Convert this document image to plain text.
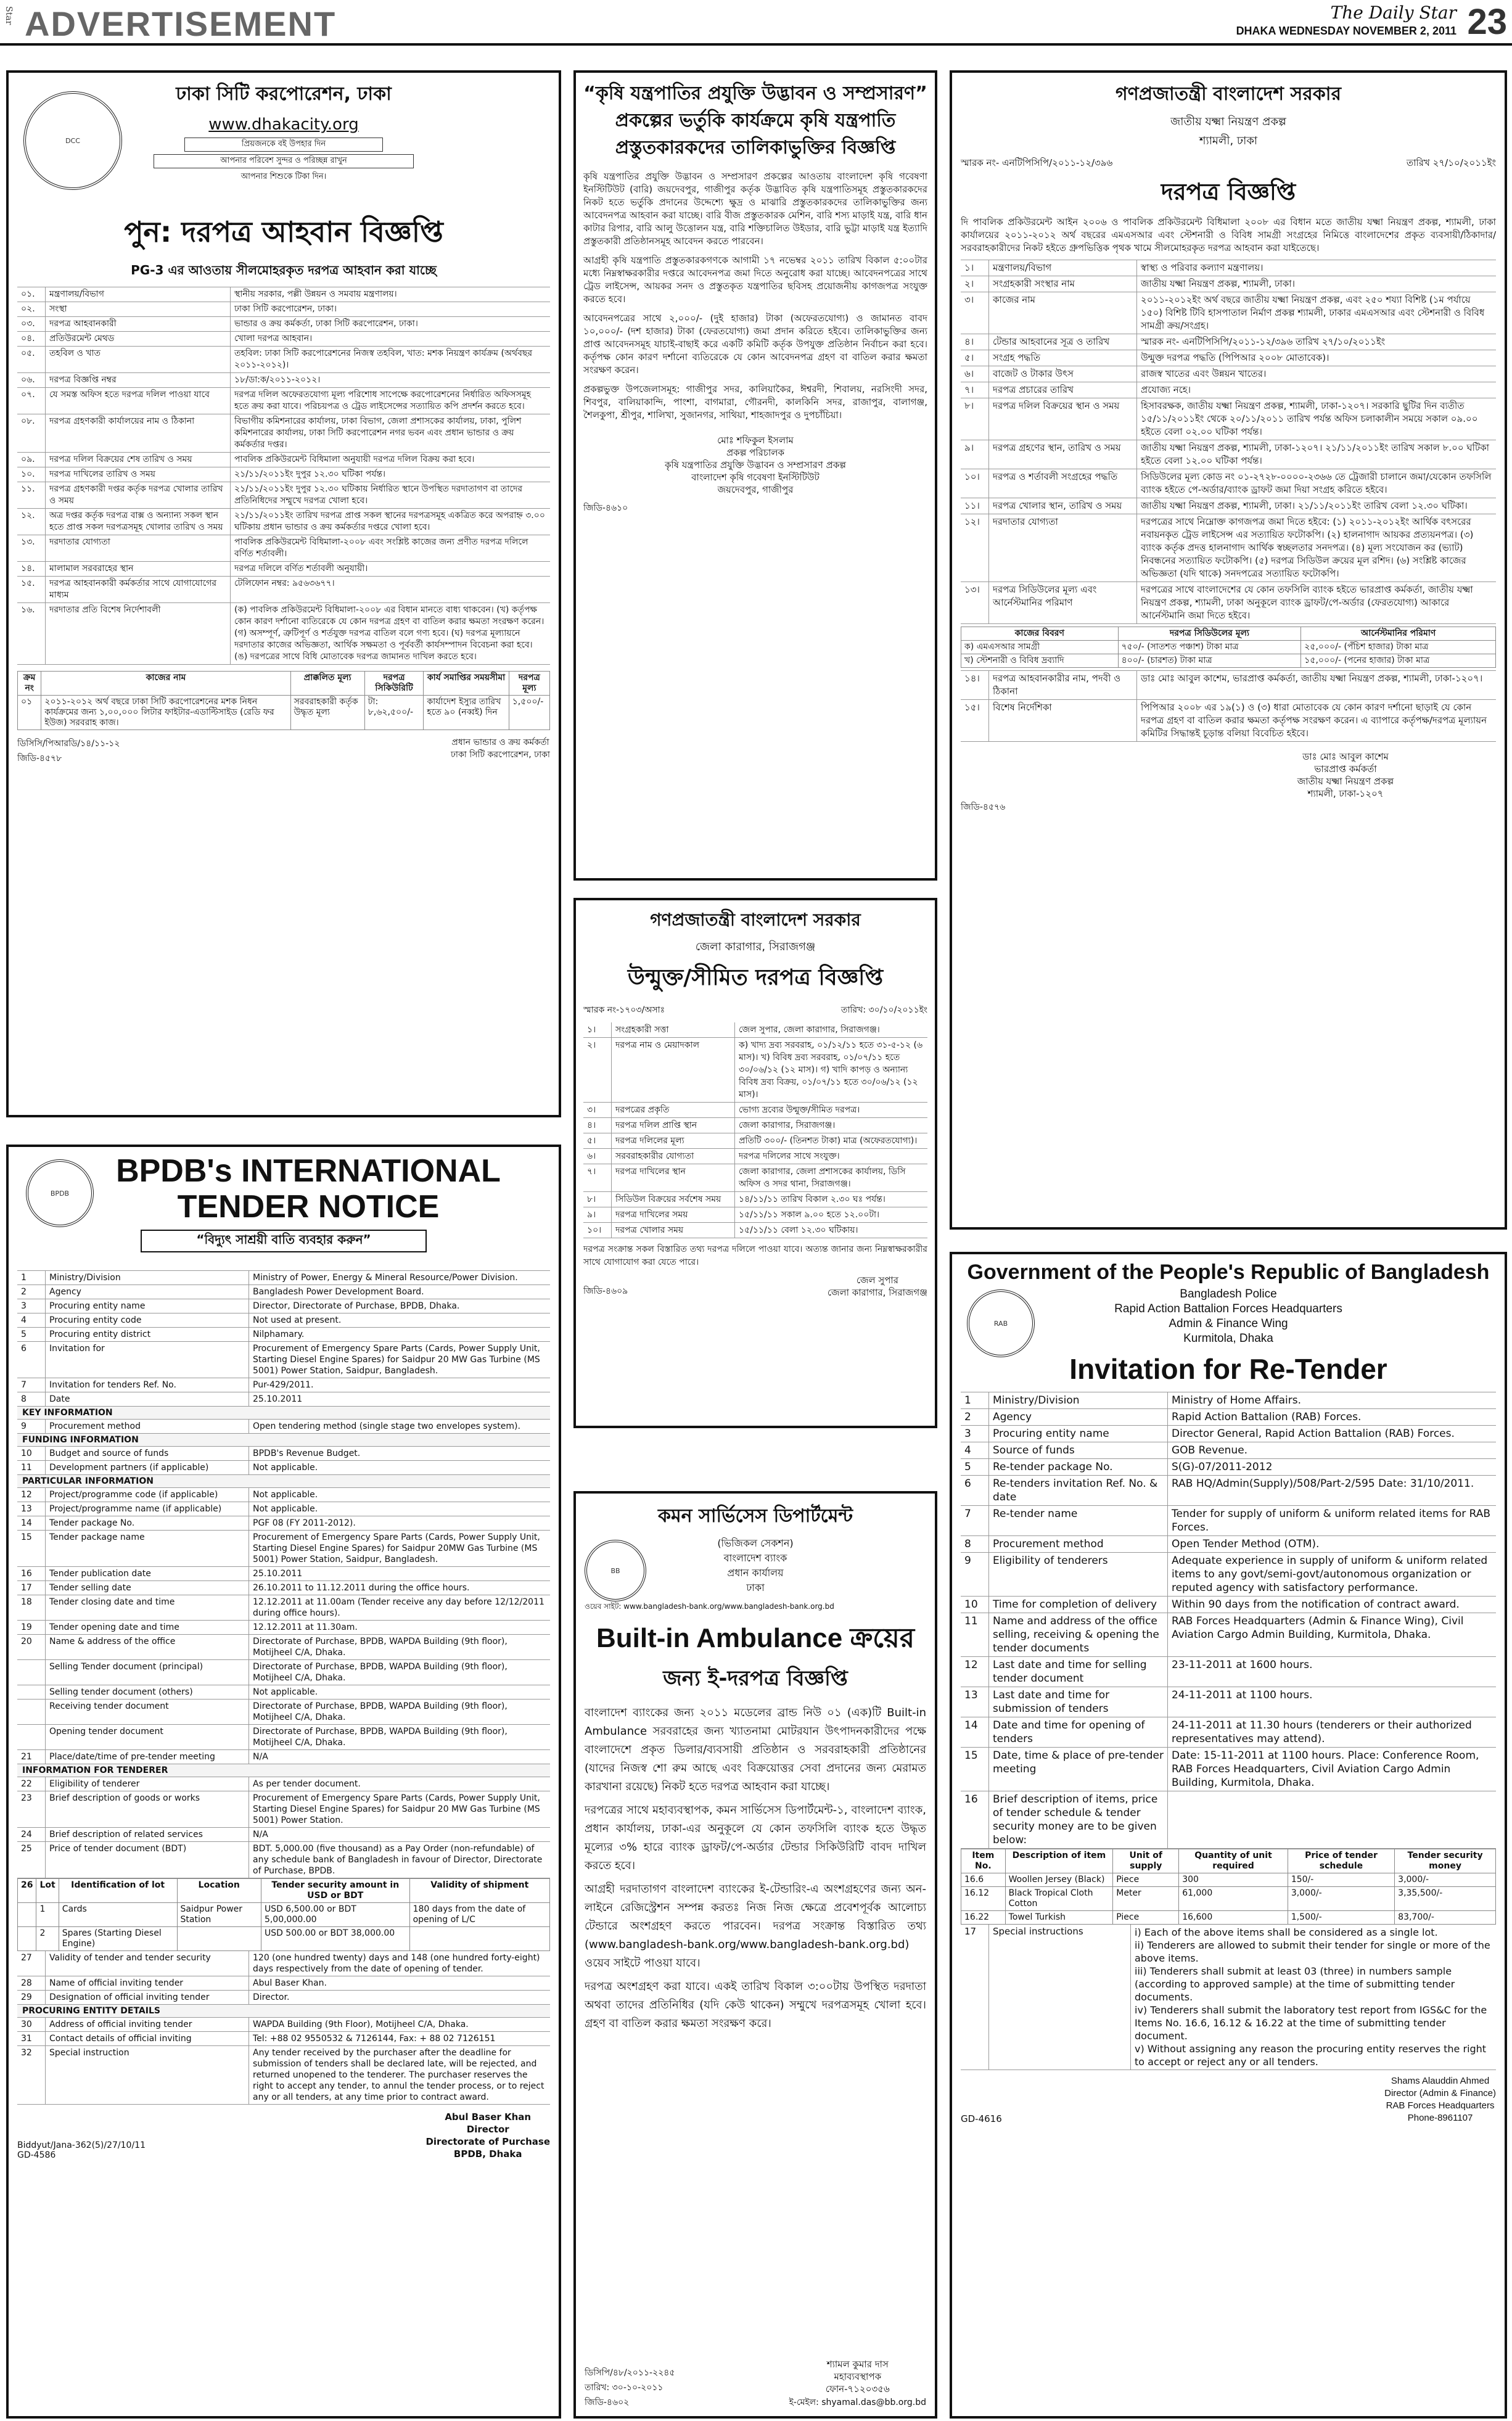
Star ADVERTISEMENT	The Daily Star
DHAKA WEDNESDAY NOVEMBER 2, 2011 23
DCC
ঢাকা সিটি করপোরেশন, ঢাকা
www.dhakacity.org
প্রিয়জনকে বই উপহার দিন
আপনার পরিবেশ সুন্দর ও পরিচ্ছন্ন রাখুন
আপনার শিশুকে টিকা দিন।
পুন: দরপত্র আহবান বিজ্ঞপ্তি
PG-3 এর আওতায় সীলমোহরকৃত দরপত্র আহবান করা যাচ্ছে
০১.	মন্ত্রণালয়/বিভাগ	স্থানীয় সরকার, পল্লী উন্নয়ন ও সমবায় মন্ত্রণালয়।
০২.	সংস্থা	ঢাকা সিটি করপোরেশন, ঢাকা।
০৩.	দরপত্র আহবানকারী	ভান্ডার ও ক্রয় কর্মকর্তা, ঢাকা সিটি করপোরেশন, ঢাকা।
০৪.	প্রতিউরমেন্ট মেথড	খোলা দরপত্র আহবান।
০৫.	তহবিল ও খাত	তহবিল: ঢাকা সিটি করপোরেশনের নিজস্ব তহবিল, খাত: মশক নিয়ন্ত্রণ কার্যক্রম (অর্থবছর ২০১১-২০১২)।
০৬.	দরপত্র বিজ্ঞপ্তি নম্বর	১৮/ডা:ক/২০১১-২০১২।
০৭.	যে সমস্ত অফিস হতে দরপত্র দলিল পাওয়া যাবে	দরপত্র দলিল অফেরতযোগ্য মূল্য পরিশোধ সাপেক্ষে করপোরেশনের নির্ধারিত অফিসসমূহ হতে ক্রয় করা যাবে। পরিচয়পত্র ও ট্রেড লাইসেন্সের সত্যায়িত কপি প্রদর্শন করতে হবে।
০৮.	দরপত্র গ্রহণকারী কার্যালয়ের নাম ও ঠিকানা	বিভাগীয় কমিশনারের কার্যালয়, ঢাকা বিভাগ, জেলা প্রশাসকের কার্যালয়, ঢাকা, পুলিশ কমিশনারের কার্যালয়, ঢাকা সিটি করপোরেশন নগর ভবন এবং প্রধান ভান্ডার ও ক্রয় কর্মকর্তার দপ্তর।
০৯.	দরপত্র দলিল বিক্রয়ের শেষ তারিখ ও সময়	পাবলিক প্রকিউরমেন্ট বিধিমালা অনুযায়ী দরপত্র দলিল বিক্রয় করা হবে।
১০.	দরপত্র দাখিলের তারিখ ও সময়	২১/১১/২০১১ইং দুপুর ১২.৩০ ঘটিকা পর্যন্ত।
১১.	দরপত্র গ্রহণকারী দপ্তর কর্তৃক দরপত্র খোলার তারিখ ও সময়
২১/১১/২০১১ইং দুপুর ১২.৩০ ঘটিকায় নির্ধারিত স্থানে উপস্থিত দরদাতাগণ বা তাদের প্রতিনিধিদের সম্মুখে দরপত্র খোলা হবে।
১২.	অত্র দপ্তর কর্তৃক দরপত্র বাক্স ও অন্যান্য সকল স্থান হতে প্রাপ্ত সকল দরপত্রসমূহ খোলার তারিখ ও সময়
২১/১১/২০১১ইং তারিখ দরপত্র প্রাপ্ত সকল স্থানের দরপত্রসমূহ একত্রিত করে অপরাহ্ন ৩.০০ ঘটিকায় প্রধান ভান্ডার ও ক্রয় কর্মকর্তার দপ্তরে খোলা হবে।
১৩.	দরদাতার যোগ্যতা	পাবলিক প্রকিউরমেন্ট বিধিমালা-২০০৮ এবং সংশ্লিষ্ট কাজের জন্য প্রণীত দরপত্র দলিলে বর্ণিত শর্তাবলী।
১৪.	মালামাল সরবরাহের স্থান	দরপত্র দলিলে বর্ণিত শর্তাবলী অনুযায়ী।
১৫.	দরপত্র আহবানকারী কর্মকর্তার সাথে যোগাযোগের মাধ্যম
টেলিফোন নম্বর: ৯৫৬৩৬৭৭।
১৬.	দরদাতার প্রতি বিশেষ নির্দেশাবলী	(ক) পাবলিক প্রকিউরমেন্ট বিধিমালা-২০০৮ এর বিধান মানতে বাধ্য থাকবেন। (খ) কর্তৃপক্ষ কোন কারণ দর্শানো ব্যতিরেকে যে কোন দরপত্র গ্রহণ বা বাতিল করার ক্ষমতা সংরক্ষণ করেন। (গ) অসম্পূর্ণ, ত্রুটিপূর্ণ ও শর্তযুক্ত দরপত্র বাতিল বলে গণ্য হবে। (ঘ) দরপত্র মূল্যায়নে দরদাতার কাজের অভিজ্ঞতা, আর্থিক সক্ষমতা ও পূর্ববর্তী কার্যসম্পাদন বিবেচনা করা হবে। (ঙ) দরপত্রের সাথে বিধি মোতাবেক দরপত্র জামানত দাখিল করতে হবে।
ক্রম নং	কাজের নাম	প্রাক্কলিত মূল্য	দরপত্র সিকিউরিটি	কার্য সমাপ্তির সময়সীমা	দরপত্র মূল্য
০১	২০১১-২০১২ অর্থ বছরে ঢাকা সিটি করপোরেশনের মশক নিধন কার্যক্রমের জন্য ১,০০,০০০ লিটার ফাইটার-এডাল্টিসাইড (রেডি ফর ইউজ) সরবরাহ কাজ।	সরবরাহকারী কর্তৃক উদ্ধৃত মূল্য	টা: ৮,৬২,৫০০/-	কার্যাদেশ ইস্যুর তারিখ হতে ৯০ (নব্বই) দিন	১,৫০০/-
ডিসিসি/পিআরডি/১৪/১১-১২
জিডি-৪৫৭৮
প্রধান ভান্ডার ও ক্রয় কর্মকর্তা
ঢাকা সিটি করপোরেশন, ঢাকা
BPDB
BPDB's INTERNATIONAL
TENDER NOTICE
“বিদ্যুৎ সাশ্রয়ী বাতি ব্যবহার করুন”
1	Ministry/Division	Ministry of Power, Energy & Mineral Resource/Power Division.
2	Agency	Bangladesh Power Development Board.
3	Procuring entity name	Director, Directorate of Purchase, BPDB, Dhaka.
4	Procuring entity code	Not used at present.
5	Procuring entity district	Nilphamary.
6	Invitation for	Procurement of Emergency Spare Parts (Cards, Power Supply Unit, Starting Diesel Engine Spares) for Saidpur 20 MW Gas Turbine (MS 5001) Power Station, Saidpur, Bangladesh.
7	Invitation for tenders Ref. No.	Pur-429/2011.
8	Date	25.10.2011
KEY INFORMATION
9	Procurement method	Open tendering method (single stage two envelopes system).
FUNDING INFORMATION
10	Budget and source of funds	BPDB's Revenue Budget.
11	Development partners (if applicable)	Not applicable.
PARTICULAR INFORMATION
12	Project/programme code (if applicable)	Not applicable.
13	Project/programme name (if applicable)	Not applicable.
14	Tender package No.	PGF 08 (FY 2011-2012).
15	Tender package name	Procurement of Emergency Spare Parts (Cards, Power Supply Unit, Starting Diesel Engine Spares) for Saidpur 20MW Gas Turbine (MS 5001) Power Station, Saidpur, Bangladesh.
16	Tender publication date	25.10.2011
17	Tender selling date	26.10.2011 to 11.12.2011 during the office hours.
18	Tender closing date and time	12.12.2011 at 11.00am (Tender receive any day before 12/12/2011 during office hours).
19	Tender opening date and time	12.12.2011 at 11.30am.
20	Name & address of the office	Directorate of Purchase, BPDB, WAPDA Building (9th floor), Motijheel C/A, Dhaka.
Selling Tender document (principal)	Directorate of Purchase, BPDB, WAPDA Building (9th floor), Motijheel C/A, Dhaka.
Selling tender document (others)	Not applicable.
Receiving tender document	Directorate of Purchase, BPDB, WAPDA Building (9th floor), Motijheel C/A, Dhaka.
Opening tender document	Directorate of Purchase, BPDB, WAPDA Building (9th floor), Motijheel C/A, Dhaka.
21	Place/date/time of pre-tender meeting	N/A
INFORMATION FOR TENDERER
22	Eligibility of tenderer	As per tender document.
23	Brief description of goods or works	Procurement of Emergency Spare Parts (Cards, Power Supply Unit, Starting Diesel Engine Spares) for Saidpur 20 MW Gas Turbine (MS 5001) Power Station.
24	Brief description of related services	N/A
25	Price of tender document (BDT)	BDT. 5,000.00 (five thousand) as a Pay Order (non-refundable) of any schedule bank of Bangladesh in favour of Director, Directorate of Purchase, BPDB.
26	Lot	Identification of lot	Location	Tender security amount in USD or BDT	Validity of shipment
	1	Cards	Saidpur Power Station	USD 6,500.00 or BDT 5,00,000.00	180 days from the date of opening of L/C
	2	Spares (Starting Diesel Engine)		USD 500.00 or BDT 38,000.00	
27	Validity of tender and tender security	120 (one hundred twenty) days and 148 (one hundred forty-eight) days respectively from the date of opening of tender.
28	Name of official inviting tender	Abul Baser Khan.
29	Designation of official inviting tender	Director.
PROCURING ENTITY DETAILS
30	Address of official inviting tender	WAPDA Building (9th Floor), Motijheel C/A, Dhaka.
31	Contact details of official inviting	Tel: +88 02 9550532 & 7126144, Fax: + 88 02 7126151
32	Special instruction	Any tender received by the purchaser after the deadline for submission of tenders shall be declared late, will be rejected, and returned unopened to the tenderer. The purchaser reserves the right to accept any tender, to annul the tender process, or to reject any or all tenders, at any time prior to contract award.
Biddyut/Jana-362(5)/27/10/11
GD-4586
Abul Baser Khan
Director
Directorate of Purchase
BPDB, Dhaka
“কৃষি যন্ত্রপাতির প্রযুক্তি উদ্ভাবন ও সম্প্রসারণ” প্রকল্পের ভর্তুকি কার্যক্রমে কৃষি যন্ত্রপাতি প্রস্তুতকারকদের তালিকাভুক্তির বিজ্ঞপ্তি
কৃষি যন্ত্রপাতির প্রযুক্তি উদ্ভাবন ও সম্প্রসারণ প্রকল্পের আওতায় বাংলাদেশ কৃষি গবেষণা ইনস্টিটিউট (বারি) জয়দেবপুর, গাজীপুর কর্তৃক উদ্ভাবিত কৃষি যন্ত্রপাতিসমূহ প্রস্তুতকারকদের নিকট হতে ভর্তুকি প্রদানের উদ্দেশ্যে ক্ষুদ্র ও মাঝারি প্রস্তুতকারকদের তালিকাভুক্তির জন্য আবেদনপত্র আহবান করা যাচ্ছে। বারি বীজ প্রস্তুতকারক মেশিন, বারি শস্য মাড়াই যন্ত্র, বারি ধান কাটার রিপার, বারি আলু উত্তোলন যন্ত্র, বারি শক্তিচালিত উইডার, বারি ভুট্টা মাড়াই যন্ত্র ইত্যাদি প্রস্তুতকারী প্রতিষ্ঠানসমূহ আবেদন করতে পারবেন।
আগ্রহী কৃষি যন্ত্রপাতি প্রস্তুতকারকগণকে আগামী ১৭ নভেম্বর ২০১১ তারিখ বিকাল ৫:০০টার মধ্যে নিম্নস্বাক্ষরকারীর দপ্তরে আবেদনপত্র জমা দিতে অনুরোধ করা যাচ্ছে। আবেদনপত্রের সাথে ট্রেড লাইসেন্স, আয়কর সনদ ও প্রস্তুতকৃত যন্ত্রপাতির ছবিসহ প্রয়োজনীয় কাগজপত্র সংযুক্ত করতে হবে।
আবেদনপত্রের সাথে ২,০০০/- (দুই হাজার) টাকা (অফেরতযোগ্য) ও জামানত বাবদ ১০,০০০/- (দশ হাজার) টাকা (ফেরতযোগ্য) জমা প্রদান করিতে হইবে। তালিকাভুক্তির জন্য প্রাপ্ত আবেদনসমূহ যাচাই-বাছাই করে একটি কমিটি কর্তৃক উপযুক্ত প্রতিষ্ঠান নির্বাচন করা হবে। কর্তৃপক্ষ কোন কারণ দর্শানো ব্যতিরেকে যে কোন আবেদনপত্র গ্রহণ বা বাতিল করার ক্ষমতা সংরক্ষণ করেন।
প্রকল্পভুক্ত উপজেলাসমূহ: গাজীপুর সদর, কালিয়াকৈর, ঈশ্বরদী, শিবালয়, নরসিংদী সদর, শিবপুর, বালিয়াকান্দি, পাংশা, বাগমারা, গৌরনদী, কালকিনি সদর, রাজাপুর, বালাগঞ্জ, শৈলকুপা, শ্রীপুর, শালিখা, সুজানগর, সাথিয়া, শাহজাদপুর ও দুপচাঁচিয়া।
মোঃ শফিকুল ইসলাম
প্রকল্প পরিচালক
কৃষি যন্ত্রপাতির প্রযুক্তি উদ্ভাবন ও সম্প্রসারণ প্রকল্প
বাংলাদেশ কৃষি গবেষণা ইনস্টিটিউট
জয়দেবপুর, গাজীপুর
জিডি-৪৬১০
গণপ্রজাতন্ত্রী বাংলাদেশ সরকার
জেলা কারাগার, সিরাজগঞ্জ
উন্মুক্ত/সীমিত দরপত্র বিজ্ঞপ্তি
স্মারক নং-১৭০৩/অসাঃ	তারিখ: ৩০/১০/২০১১ইং
১।	সংগ্রহকারী সত্তা	জেল সুপার, জেলা কারাগার, সিরাজগঞ্জ।
২।	দরপত্র নাম ও মেয়াদকাল	ক) খাদ্য দ্রব্য সরবরাহ, ০১/১২/১১ হতে ৩১-৫-১২ (৬ মাস)। খ) বিবিধ দ্রব্য সরবরাহ, ০১/০৭/১১ হতে ৩০/০৬/১২ (১২ মাস)। গ) খাদি কাপড় ও অন্যান্য বিবিধ দ্রব্য বিক্রয়, ০১/০৭/১১ হতে ৩০/০৬/১২ (১২ মাস)।
৩।	দরপত্রের প্রকৃতি	ভোগ্য দ্রব্যের উন্মুক্ত/সীমিত দরপত্র।
৪।	দরপত্র দলিল প্রাপ্তি স্থান	জেলা কারাগার, সিরাজগঞ্জ।
৫।	দরপত্র দলিলের মূল্য	প্রতিটি ৩০০/- (তিনশত টাকা) মাত্র (অফেরতযোগ্য)।
৬।	সরবরাহকারীর যোগ্যতা	দরপত্র দলিলের সাথে সংযুক্ত।
৭।	দরপত্র দাখিলের স্থান	জেলা কারাগার, জেলা প্রশাসকের কার্যালয়, ডিসি অফিস ও সদর থানা, সিরাজগঞ্জ।
৮।	সিডিউল বিক্রয়ের সর্বশেষ সময়	১৪/১১/১১ তারিখ বিকাল ২.৩০ ঘঃ পর্যন্ত।
৯।	দরপত্র দাখিলের সময়	১৫/১১/১১ সকাল ৯.০০ হতে ১২.০০টা।
১০।	দরপত্র খোলার সময়	১৫/১১/১১ বেলা ১২.৩০ ঘটিকায়।
দরপত্র সংক্রান্ত সকল বিস্তারিত তথ্য দরপত্র দলিলে পাওয়া যাবে। অত্যন্ত জানার জন্য নিম্নস্বাক্ষরকারীর সাথে যোগাযোগ করা যেতে পারে।
জিডি-৪৬০৯
জেল সুপার
জেলা কারাগার, সিরাজগঞ্জ
কমন সার্ভিসেস ডিপার্টমেন্ট
BB
(ভিজিকল সেকশন)
বাংলাদেশ ব্যাংক
প্রধান কার্যালয়
ঢাকা
ওয়েব সাইট: www.bangladesh-bank.org/www.bangladesh-bank.org.bd
Built-in Ambulance ক্রয়ের
জন্য ই-দরপত্র বিজ্ঞপ্তি
বাংলাদেশ ব্যাংকের জন্য ২০১১ মডেলের ব্রান্ড নিউ ০১ (এক)টি Built-in Ambulance সরবরাহের জন্য খ্যাতনামা মোটরযান উৎপাদনকারীদের পক্ষে বাংলাদেশে প্রকৃত ডিলার/ব্যবসায়ী প্রতিষ্ঠান ও সরবরাহকারী প্রতিষ্ঠানের (যাদের নিজস্ব শো রুম আছে এবং বিক্রয়োত্তর সেবা প্রদানের জন্য মেরামত কারখানা রয়েছে) নিকট হতে দরপত্র আহবান করা যাচ্ছে।
দরপত্রের সাথে মহাব্যবস্থাপক, কমন সার্ভিসেস ডিপার্টমেন্ট-১, বাংলাদেশ ব্যাংক, প্রধান কার্যালয়, ঢাকা-এর অনুকূলে যে কোন তফসিলি ব্যাংক হতে উদ্ধৃত মূল্যের ৩% হারে ব্যাংক ড্রাফট/পে-অর্ডার টেন্ডার সিকিউরিটি বাবদ দাখিল করতে হবে।
আগ্রহী দরদাতাগণ বাংলাদেশ ব্যাংকের ই-টেন্ডারিং-এ অংশগ্রহণের জন্য অন-লাইনে রেজিস্ট্রেশন সম্পন্ন করতঃ নিজ নিজ ক্ষেত্রে প্রবেশপূর্বক আলোচ্য টেন্ডারে অংশগ্রহণ করতে পারবেন। দরপত্র সংক্রান্ত বিস্তারিত তথ্য (www.bangladesh-bank.org/www.bangladesh-bank.org.bd) ওয়েব সাইটে পাওয়া যাবে।
দরপত্র অংশগ্রহণ করা যাবে। একই তারিখ বিকাল ৩:০০টায় উপস্থিত দরদাতা অথবা তাদের প্রতিনিধির (যদি কেউ থাকেন) সম্মুখে দরপত্রসমূহ খোলা হবে। গ্রহণ বা বাতিল করার ক্ষমতা সংরক্ষণ করে।
ডিসিপি/৪৮/২০১১-২২৪৫
তারিখ: ৩০-১০-২০১১
জিডি-৪৬০২
শ্যামল কুমার দাস
মহাব্যবস্থাপক
ফোন-৭১২০৩৫৬
ই-মেইল: shyamal.das@bb.org.bd
গণপ্রজাতন্ত্রী বাংলাদেশ সরকার
জাতীয় যক্ষ্মা নিয়ন্ত্রণ প্রকল্প
শ্যামলী, ঢাকা
স্মারক নং- এনটিপিসিপি/২০১১-১২/৩৯৬	তারিখ ২৭/১০/২০১১ইং
দরপত্র বিজ্ঞপ্তি
দি পাবলিক প্রকিউরমেন্ট আইন ২০০৬ ও পাবলিক প্রকিউরমেন্ট বিধিমালা ২০০৮ এর বিধান মতে জাতীয় যক্ষ্মা নিয়ন্ত্রণ প্রকল্প, শ্যামলী, ঢাকা কার্যালয়ের ২০১১-২০১২ অর্থ বছরের এমএসআর এবং স্টেশনারী ও বিবিধ সামগ্রী সংগ্রহের নিমিত্তে বাংলাদেশের প্রকৃত ব্যবসায়ী/ঠিকাদার/সরবরাহকারীদের নিকট হইতে গ্রুপভিত্তিক পৃথক খামে সীলমোহরকৃত দরপত্র আহবান করা যাইতেছে।
১।	মন্ত্রণালয়/বিভাগ	স্বাস্থ্য ও পরিবার কল্যাণ মন্ত্রণালয়।
২।	সংগ্রহকারী সংস্থার নাম	জাতীয় যক্ষ্মা নিয়ন্ত্রণ প্রকল্প, শ্যামলী, ঢাকা।
৩।	কাজের নাম	২০১১-২০১২ইং অর্থ বছরে জাতীয় যক্ষ্মা নিয়ন্ত্রণ প্রকল্প, এবং ২৫০ শয্যা বিশিষ্ট (১ম পর্যায়ে ১৫০) বিশিষ্ট টিবি হাসপাতাল নির্মাণ প্রকল্প শ্যামলী, ঢাকার এমএসআর এবং স্টেশনারী ও বিবিধ সামগ্রী ক্রয়/সংগ্রহ।
৪।	টেন্ডার আহবানের সূত্র ও তারিখ	স্মারক নং- এনটিপিসিপি/২০১১-১২/৩৯৬ তারিখ ২৭/১০/২০১১ইং
৫।	সংগ্রহ পদ্ধতি	উন্মুক্ত দরপত্র পদ্ধতি (পিপিআর ২০০৮ মোতাবেক)।
৬।	বাজেট ও টাকার উৎস	রাজস্ব খাতের এবং উন্নয়ন খাতের।
৭।	দরপত্র প্রচারের তারিখ	প্রযোজ্য নহে।
৮।	দরপত্র দলিল বিক্রয়ের স্থান ও সময়	হিসাবরক্ষক, জাতীয় যক্ষ্মা নিয়ন্ত্রণ প্রকল্প, শ্যামলী, ঢাকা-১২০৭। সরকারি ছুটির দিন ব্যতীত ১৫/১১/২০১১ইং থেকে ২০/১১/২০১১ তারিখ পর্যন্ত অফিস চলাকালীন সময়ে সকাল ০৯.০০ হইতে বেলা ০২.০০ ঘটিকা পর্যন্ত।
৯।	দরপত্র গ্রহণের স্থান, তারিখ ও সময়	জাতীয় যক্ষ্মা নিয়ন্ত্রণ প্রকল্প, শ্যামলী, ঢাকা-১২০৭। ২১/১১/২০১১ইং তারিখ সকাল ৮.০০ ঘটিকা হইতে বেলা ১২.০০ ঘটিকা পর্যন্ত।
১০।	দরপত্র ও শর্তাবলী সংগ্রহের পদ্ধতি	সিডিউলের মূল্য কোড নং ০১-২৭২৮-০০০০-২৩৬৬ তে ট্রেজারী চালানে জমা/যেকোন তফসিলি ব্যাংক হইতে পে-অর্ডার/ব্যাংক ড্রাফট জমা দিয়া সংগ্রহ করিতে হইবে।
১১।	দরপত্র খোলার স্থান, তারিখ ও সময়	জাতীয় যক্ষ্মা নিয়ন্ত্রণ প্রকল্প, শ্যামলী, ঢাকা। ২১/১১/২০১১ইং তারিখ বেলা ১২.৩০ ঘটিকা।
১২।	দরদাতার যোগ্যতা	দরপত্রের সাথে নিম্নোক্ত কাগজপত্র জমা দিতে হইবে: (১) ২০১১-২০১২ইং আর্থিক বৎসরের নবায়নকৃত ট্রেড লাইসেন্স এর সত্যায়িত ফটোকপি। (২) হালনাগাদ আয়কর প্রত্যয়নপত্র। (৩) ব্যাংক কর্তৃক প্রদত্ত হালনাগাদ আর্থিক স্বচ্ছলতার সনদপত্র। (৪) মূল্য সংযোজন কর (ভ্যাট) নিবন্ধনের সত্যায়িত ফটোকপি। (৫) দরপত্র সিডিউল ক্রয়ের মূল রশিদ। (৬) সংশ্লিষ্ট কাজের অভিজ্ঞতা (যদি থাকে) সনদপত্রের সত্যায়িত ফটোকপি।
১৩।	দরপত্র সিডিউলের মূল্য এবং আর্নেস্টমানির পরিমাণ
দরপত্রের সাথে বাংলাদেশের যে কোন তফসিলি ব্যাংক হইতে ভারপ্রাপ্ত কর্মকর্তা, জাতীয় যক্ষ্মা নিয়ন্ত্রণ প্রকল্প, শ্যামলী, ঢাকা অনুকূলে ব্যাংক ড্রাফট/পে-অর্ডার (ফেরতযোগ্য) আকারে আর্নেস্টমানি জমা দিতে হইবে।
কাজের বিবরণ	দরপত্র সিডিউলের মূল্য	আর্নেস্টমানির পরিমাণ
ক) এমএসআর সামগ্রী	৭৫০/- (সাতশত পঞ্চাশ) টাকা মাত্র	২৫,০০০/- (পঁচিশ হাজার) টাকা মাত্র
খ) স্টেশনারী ও বিবিধ দ্রব্যাদি	৪০০/- (চারশত) টাকা মাত্র	১৫,০০০/- (পনের হাজার) টাকা মাত্র
১৪।	দরপত্র আহবানকারীর নাম, পদবী ও ঠিকানা
ডাঃ মোঃ আবুল কাশেম, ভারপ্রাপ্ত কর্মকর্তা, জাতীয় যক্ষ্মা নিয়ন্ত্রণ প্রকল্প, শ্যামলী, ঢাকা-১২০৭।
১৫।	বিশেষ নির্দেশিকা	পিপিআর ২০০৮ এর ১৯(১) ও (৩) ধারা মোতাবেক যে কোন কারণ দর্শানো ছাড়াই যে কোন দরপত্র গ্রহণ বা বাতিল করার ক্ষমতা কর্তৃপক্ষ সংরক্ষণ করেন। এ ব্যাপারে কর্তৃপক্ষ/দরপত্র মূল্যায়ন কমিটির সিদ্ধান্তই চূড়ান্ত বলিয়া বিবেচিত হইবে।
ডাঃ মোঃ আবুল কাশেম
ভারপ্রাপ্ত কর্মকর্তা
জাতীয় যক্ষ্মা নিয়ন্ত্রণ প্রকল্প
শ্যামলী, ঢাকা-১২০৭
জিডি-৪৫৭৬
Government of the People's Republic of Bangladesh
RAB
Bangladesh Police
Rapid Action Battalion Forces Headquarters
Admin & Finance Wing
Kurmitola, Dhaka
Invitation for Re-Tender
1	Ministry/Division	Ministry of Home Affairs.
2	Agency	Rapid Action Battalion (RAB) Forces.
3	Procuring entity name	Director General, Rapid Action Battalion (RAB) Forces.
4	Source of funds	GOB Revenue.
5	Re-tender package No.	S(G)-07/2011-2012
6	Re-tenders invitation Ref. No. & date
RAB HQ/Admin(Supply)/508/Part-2/595 Date: 31/10/2011.
7	Re-tender name	Tender for supply of uniform & uniform related items for RAB Forces.
8	Procurement method	Open Tender Method (OTM).
9	Eligibility of tenderers	Adequate experience in supply of uniform & uniform related items to any govt/semi-govt/autonomous organization or reputed agency with satisfactory performance.
10	Time for completion of delivery	Within 90 days from the notification of contract award.
11	Name and address of the office selling, receiving & opening the tender documents
RAB Forces Headquarters (Admin & Finance Wing), Civil Aviation Cargo Admin Building, Kurmitola, Dhaka.
12	Last date and time for selling tender document
23-11-2011 at 1600 hours.
13	Last date and time for submission of tenders
24-11-2011 at 1100 hours.
14	Date and time for opening of tenders
24-11-2011 at 11.30 hours (tenderers or their authorized representatives may attend).
15	Date, time & place of pre-tender meeting
Date: 15-11-2011 at 1100 hours. Place: Conference Room, RAB Forces Headquarters, Civil Aviation Cargo Admin Building, Kurmitola, Dhaka.
16	Brief description of items, price of tender schedule & tender security money are to be given below:
Item No.	Description of item	Unit of supply	Quantity of unit required	Price of tender schedule	Tender security money
16.6	Woollen Jersey (Black)	Piece	300	150/-	3,000/-
16.12	Black Tropical Cloth Cotton	Meter	61,000	3,000/-	3,35,500/-
16.22	Towel Turkish	Piece	16,600	1,500/-	83,700/-
17	Special instructions	i) Each of the above items shall be considered as a single lot.
ii) Tenderers are allowed to submit their tender for single or more of the above items.
iii) Tenderers shall submit at least 03 (three) in numbers sample (according to approved sample) at the time of submitting tender documents.
iv) Tenderers shall submit the laboratory test report from IGS&C for the Items No. 16.6, 16.12 & 16.22 at the time of submitting tender document.
v) Without assigning any reason the procuring entity reserves the right to accept or reject any or all tenders.
GD-4616
Shams Alauddin Ahmed
Director (Admin & Finance)
RAB Forces Headquarters
Phone-8961107
